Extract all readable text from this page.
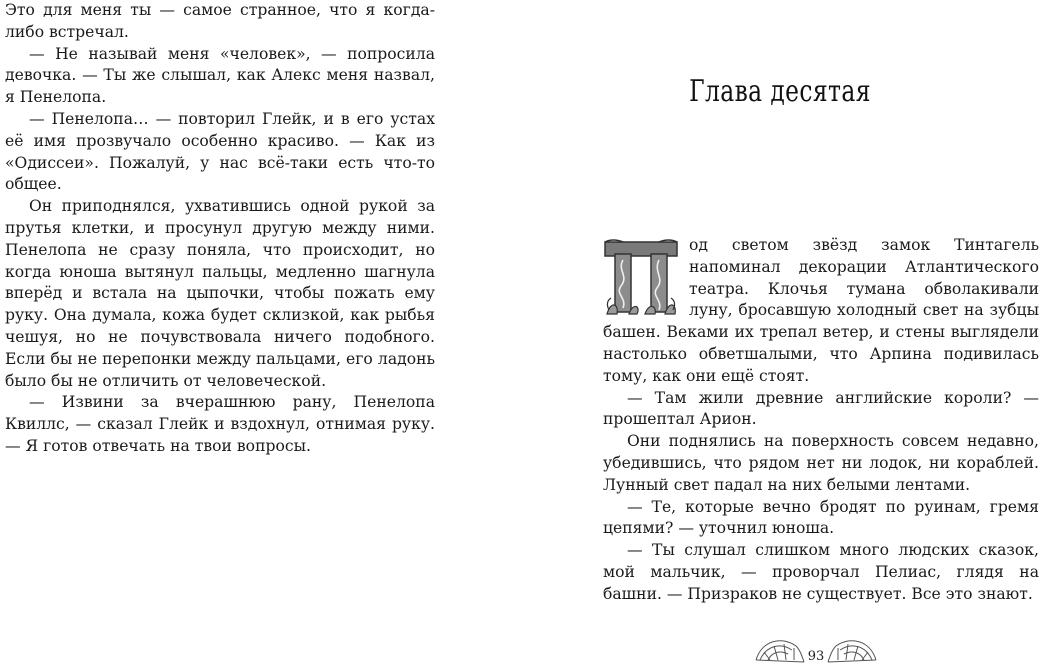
Это для меня ты — самое странное, что я когда-либо встречал.

— Не называй меня «человек», — попросила девочка. — Ты же слышал, как Алекс меня назвал, я Пенелопа.

— Пенелопа… — повторил Глейк, и в его устах её имя прозвучало особенно красиво. — Как из «Одиссеи». Пожалуй, у нас всё-таки есть что-то общее.

Он приподнялся, ухватившись одной рукой за прутья клетки, и просунул другую между ними. Пенелопа не сразу поняла, что происходит, но когда юноша вытянул пальцы, медленно шагнула вперёд и встала на цыпочки, чтобы пожать ему руку. Она думала, кожа будет склизкой, как рыбья чешуя, но не почувствовала ничего подобного. Если бы не перепонки между пальцами, его ладонь было бы не отличить от человеческой.

— Извини за вчерашнюю рану, Пенелопа Квиллс, — сказал Глейк и вздохнул, отнимая руку. — Я готов отвечать на твои вопросы.

Глава десятая

од светом звёзд замок Тинтагель напоминал декорации Атлантического театра. Клочья тумана обволакивали луну, бросавшую холодный свет на зубцы башен. Веками их трепал ветер, и стены выглядели настолько обветшалыми, что Арпина подивилась тому, как они ещё стоят.

— Там жили древние английские короли? — прошептал Арион.

Они поднялись на поверхность совсем недавно, убедившись, что рядом нет ни лодок, ни кораблей. Лунный свет падал на них белыми лентами.

— Те, которые вечно бродят по руинам, гремя цепями? — уточнил юноша.

— Ты слушал слишком много людских сказок, мой мальчик, — проворчал Пелиас, глядя на башни. — Призраков не существует. Все это знают.

93
